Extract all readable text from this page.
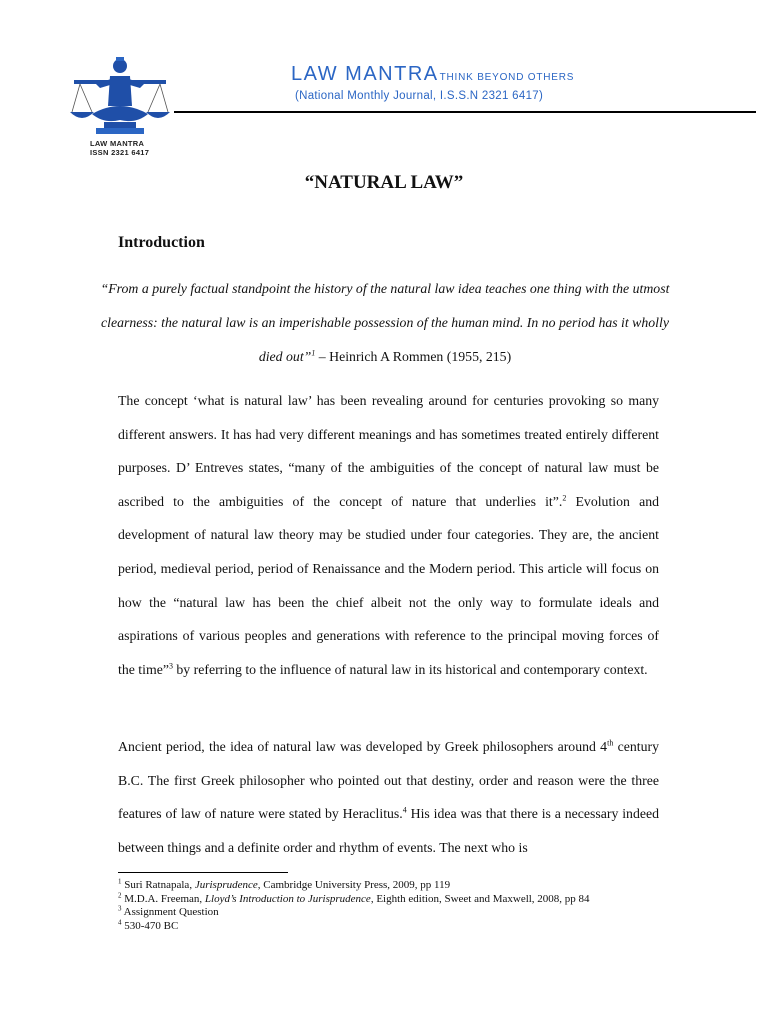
LAW MANTRA
ISSN 2321 6417
LAW MANTRATHINK BEYOND OTHERS
(National Monthly Journal, I.S.S.N 2321 6417)
“NATURAL LAW”
Introduction
“From a purely factual standpoint the history of the natural law idea teaches one thing with the utmost clearness: the natural law is an imperishable possession of the human mind. In no period has it wholly died out”$^1$ – Heinrich A Rommen (1955, 215)
The concept ‘what is natural law’ has been revealing around for centuries provoking so many different answers. It has had very different meanings and has sometimes treated entirely different purposes. D’ Entreves states, “many of the ambiguities of the concept of natural law must be ascribed to the ambiguities of the concept of nature that underlies it”.$^2$ Evolution and development of natural law theory may be studied under four categories. They are, the ancient period, medieval period, period of Renaissance and the Modern period. This article will focus on how the “natural law has been the chief albeit not the only way to formulate ideals and aspirations of various peoples and generations with reference to the principal moving forces of the time”$^3$ by referring to the influence of natural law in its historical and contemporary context.
Ancient period, the idea of natural law was developed by Greek philosophers around 4th century B.C. The first Greek philosopher who pointed out that destiny, order and reason were the three features of law of nature were stated by Heraclitus.$^4$ His idea was that there is a necessary indeed between things and a definite order and rhythm of events. The next who is
$^1$ Suri Ratnapala, Jurisprudence, Cambridge University Press, 2009, pp 119
$^2$ M.D.A. Freeman, Lloyd’s Introduction to Jurisprudence, Eighth edition, Sweet and Maxwell, 2008, pp 84
$^3$ Assignment Question
$^4$ 530-470 BC
